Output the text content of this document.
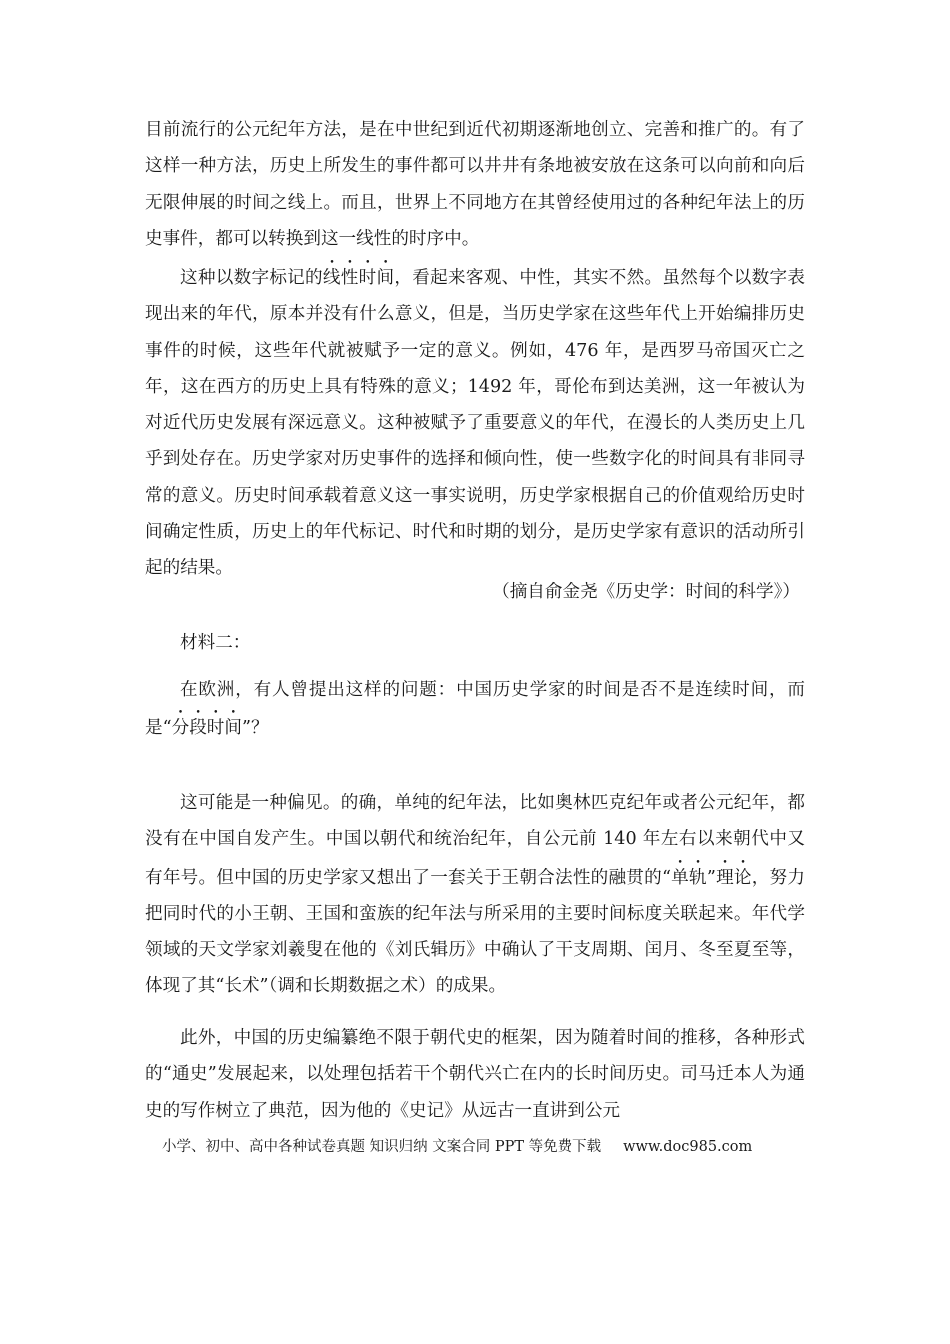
目前流行的公元纪年方法，是在中世纪到近代初期逐渐地创立、完善和推广的。有了这样一种方法，历史上所发生的事件都可以井井有条地被安放在这条可以向前和向后无限伸展的时间之线上。而且，世界上不同地方在其曾经使用过的各种纪年法上的历史事件，都可以转换到这一线性的时序中。

这种以数字标记的线性时间，看起来客观、中性，其实不然。虽然每个以数字表现出来的年代，原本并没有什么意义，但是，当历史学家在这些年代上开始编排历史事件的时候，这些年代就被赋予一定的意义。例如，476 年，是西罗马帝国灭亡之年，这在西方的历史上具有特殊的意义；1492 年，哥伦布到达美洲，这一年被认为对近代历史发展有深远意义。这种被赋予了重要意义的年代，在漫长的人类历史上几乎到处存在。历史学家对历史事件的选择和倾向性，使一些数字化的时间具有非同寻常的意义。历史时间承载着意义这一事实说明，历史学家根据自己的价值观给历史时间确定性质，历史上的年代标记、时代和时期的划分，是历史学家有意识的活动所引起的结果。

（摘自俞金尧《历史学：时间的科学》）

材料二：

在欧洲，有人曾提出这样的问题：中国历史学家的时间是否不是连续时间，而是“分段时间”？

这可能是一种偏见。的确，单纯的纪年法，比如奥林匹克纪年或者公元纪年，都没有在中国自发产生。中国以朝代和统治纪年，自公元前 140 年左右以来朝代中又有年号。但中国的历史学家又想出了一套关于王朝合法性的融贯的“单轨”理论，努力把同时代的小王朝、王国和蛮族的纪年法与所采用的主要时间标度关联起来。年代学领域的天文学家刘羲叟在他的《刘氏辑历》中确认了干支周期、闰月、冬至夏至等，体现了其“长术”（调和长期数据之术）的成果。

此外，中国的历史编纂绝不限于朝代史的框架，因为随着时间的推移，各种形式的“通史”发展起来，以处理包括若干个朝代兴亡在内的长时间历史。司马迁本人为通史的写作树立了典范，因为他的《史记》从远古一直讲到公元

小学、初中、高中各种试卷真题 知识归纳 文案合同 PPT 等免费下载 www.doc985.com
